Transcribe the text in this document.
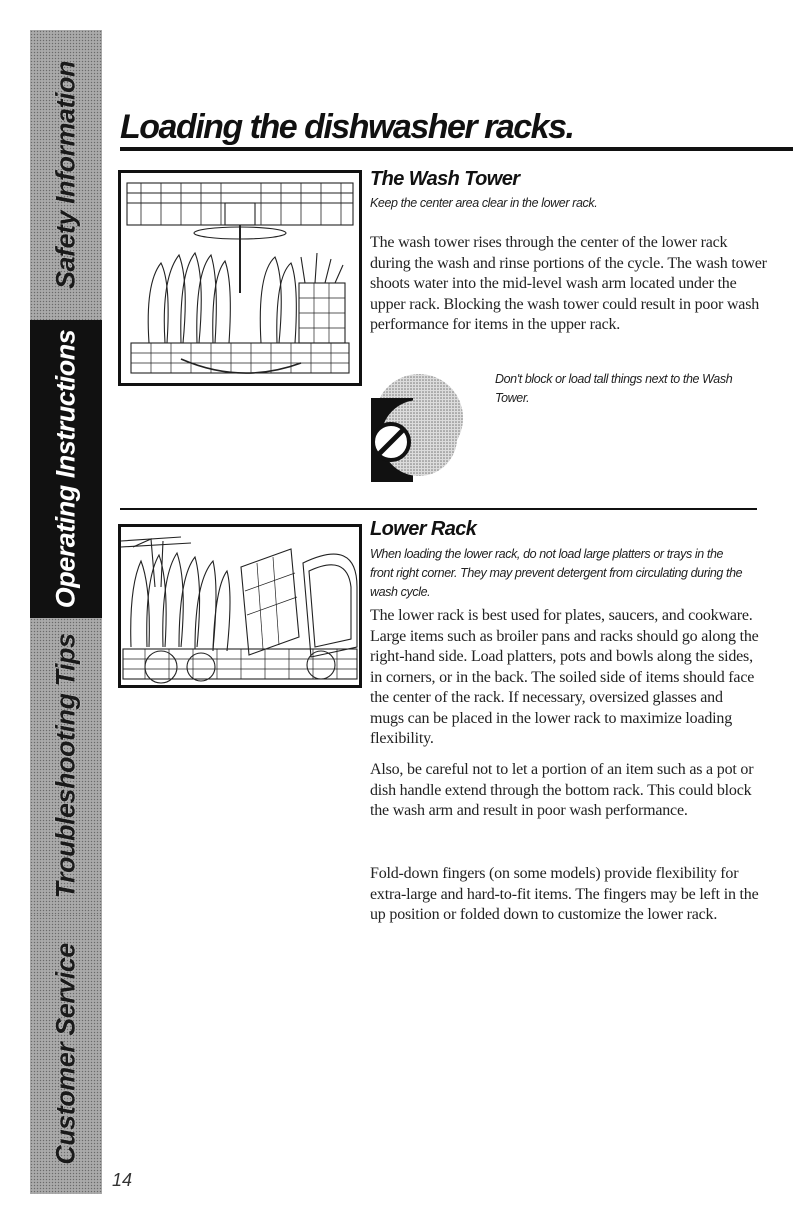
Safety Information
Operating Instructions
Troubleshooting Tips
Customer Service
Loading the dishwasher racks.
The Wash Tower

Keep the center area clear in the lower rack.

The wash tower rises through the center of the lower rack during the wash and rinse portions of the cycle. The wash tower shoots water into the mid-level wash arm located under the upper rack. Blocking the wash tower could result in poor wash performance for items in the upper rack.

Don't block or load tall things next to the Wash Tower.

Lower Rack

When loading the lower rack, do not load large platters or trays in the front right corner. They may prevent detergent from circulating during the wash cycle.

The lower rack is best used for plates, saucers, and cookware. Large items such as broiler pans and racks should go along the right-hand side. Load platters, pots and bowls along the sides, in corners, or in the back. The soiled side of items should face the center of the rack. If necessary, oversized glasses and mugs can be placed in the lower rack to maximize loading flexibility.

Also, be careful not to let a portion of an item such as a pot or dish handle extend through the bottom rack. This could block the wash arm and result in poor wash performance.

Fold-down fingers (on some models) provide flexibility for extra-large and hard-to-fit items. The fingers may be left in the up position or folded down to customize the lower rack.

14
